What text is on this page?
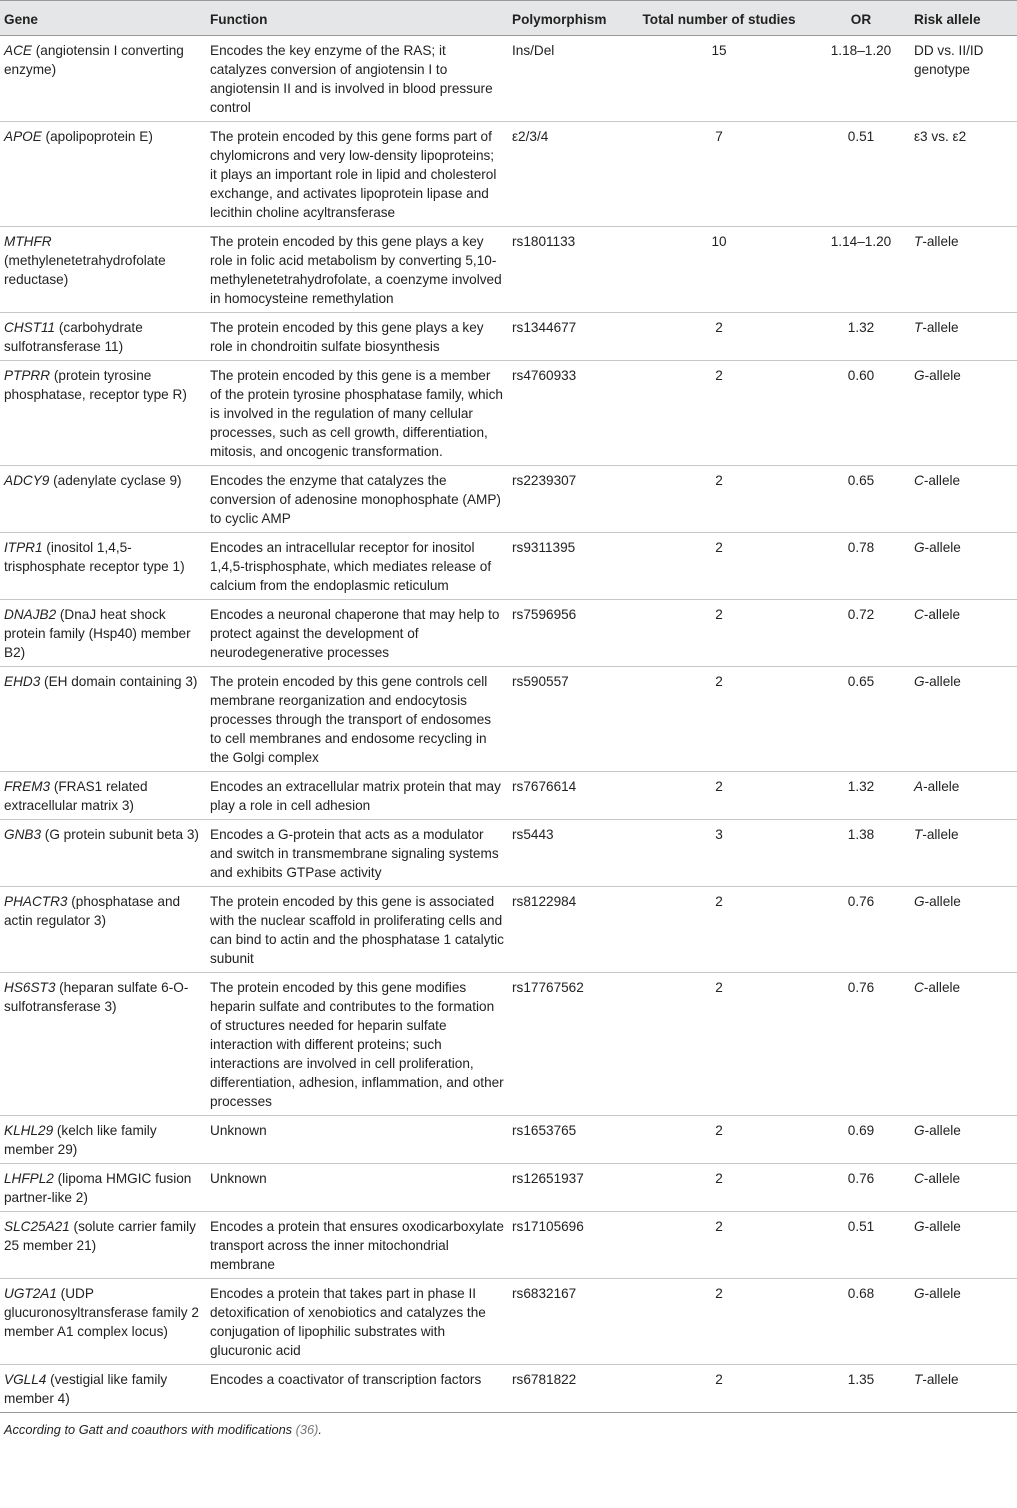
Gene	Function	Polymorphism	Total number of studies	OR	Risk allele
ACE (angiotensin I converting enzyme)	Encodes the key enzyme of the RAS; it catalyzes conversion of angiotensin I to angiotensin II and is involved in blood pressure control	Ins/Del	15	1.18–1.20	DD vs. II/ID genotype
APOE (apolipoprotein E)	The protein encoded by this gene forms part of chylomicrons and very low-density lipoproteins; it plays an important role in lipid and cholesterol exchange, and activates lipoprotein lipase and lecithin choline acyltransferase	ε2/3/4	7	0.51	ε3 vs. ε2
MTHFR (methylenetetrahydrofolate reductase)	The protein encoded by this gene plays a key role in folic acid metabolism by converting 5,10-methylenetetrahydrofolate, a coenzyme involved in homocysteine remethylation	rs1801133	10	1.14–1.20	T-allele
CHST11 (carbohydrate sulfotransferase 11)	The protein encoded by this gene plays a key role in chondroitin sulfate biosynthesis	rs1344677	2	1.32	T-allele
PTPRR (protein tyrosine phosphatase, receptor type R)	The protein encoded by this gene is a member of the protein tyrosine phosphatase family, which is involved in the regulation of many cellular processes, such as cell growth, differentiation, mitosis, and oncogenic transformation.	rs4760933	2	0.60	G-allele
ADCY9 (adenylate cyclase 9)	Encodes the enzyme that catalyzes the conversion of adenosine monophosphate (AMP) to cyclic AMP	rs2239307	2	0.65	C-allele
ITPR1 (inositol 1,4,5-trisphosphate receptor type 1)	Encodes an intracellular receptor for inositol 1,4,5-trisphosphate, which mediates release of calcium from the endoplasmic reticulum	rs9311395	2	0.78	G-allele
DNAJB2 (DnaJ heat shock protein family (Hsp40) member B2)	Encodes a neuronal chaperone that may help to protect against the development of neurodegenerative processes	rs7596956	2	0.72	C-allele
EHD3 (EH domain containing 3)	The protein encoded by this gene controls cell membrane reorganization and endocytosis processes through the transport of endosomes to cell membranes and endosome recycling in the Golgi complex	rs590557	2	0.65	G-allele
FREM3 (FRAS1 related extracellular matrix 3)	Encodes an extracellular matrix protein that may play a role in cell adhesion	rs7676614	2	1.32	A-allele
GNB3 (G protein subunit beta 3)	Encodes a G-protein that acts as a modulator and switch in transmembrane signaling systems and exhibits GTPase activity	rs5443	3	1.38	T-allele
PHACTR3 (phosphatase and actin regulator 3)	The protein encoded by this gene is associated with the nuclear scaffold in proliferating cells and can bind to actin and the phosphatase 1 catalytic subunit	rs8122984	2	0.76	G-allele
HS6ST3 (heparan sulfate 6-O-sulfotransferase 3)	The protein encoded by this gene modifies heparin sulfate and contributes to the formation of structures needed for heparin sulfate interaction with different proteins; such interactions are involved in cell proliferation, differentiation, adhesion, inflammation, and other processes	rs17767562	2	0.76	C-allele
KLHL29 (kelch like family member 29)	Unknown	rs1653765	2	0.69	G-allele
LHFPL2 (lipoma HMGIC fusion partner-like 2)	Unknown	rs12651937	2	0.76	C-allele
SLC25A21 (solute carrier family 25 member 21)	Encodes a protein that ensures oxodicarboxylate transport across the inner mitochondrial membrane	rs17105696	2	0.51	G-allele
UGT2A1 (UDP glucuronosyltransferase family 2 member A1 complex locus)	Encodes a protein that takes part in phase II detoxification of xenobiotics and catalyzes the conjugation of lipophilic substrates with glucuronic acid	rs6832167	2	0.68	G-allele
VGLL4 (vestigial like family member 4)	Encodes a coactivator of transcription factors	rs6781822	2	1.35	T-allele
According to Gatt and coauthors with modifications (36).
